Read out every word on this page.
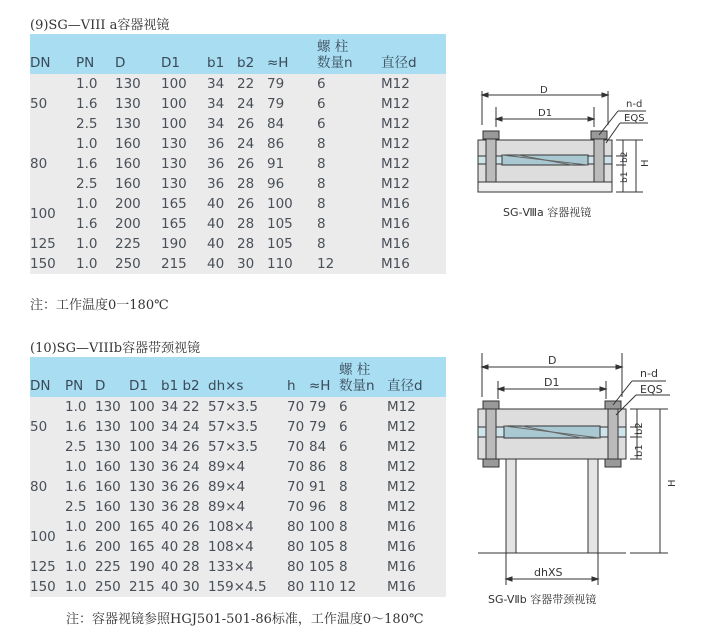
(9)SG—VIII a容器视镜
DN	PN	D	D1	b1	b2	≈H	螺 柱
数量n	直径d
50	1.0	130	100	34	22	79	6	M12
	1.6	130	100	34	24	79	6	M12
	2.5	130	100	34	26	84	6	M12
80	1.0	160	130	36	24	86	8	M12
	1.6	160	130	36	26	91	8	M12
	2.5	160	130	36	28	96	8	M12
100	1.0	200	165	40	26	100	8	M16
	1.6	200	165	40	28	105	8	M16
125	1.0	225	190	40	28	105	8	M16
150	1.0	250	215	40	30	110	12	M16
注：工作温度0一180℃
D
D1
n-d
EQS
b2
b1
H
SG-Ⅷa 容器视镜
(10)SG—VIIIb容器带颈视镜
DN	PN	D	D1	b1 b2	dh×s	h	≈H	螺 柱
数量n	直径d
50	1.0	130	100	34 22	57×3.5	70	79	6	M12
	1.6	130	100	34 24	57×3.5	70	79	6	M12
	2.5	130	100	34 26	57×3.5	70	84	6	M12
80	1.0	160	130	36 24	89×4	70	86	8	M12
	1.6	160	130	36 26	89×4	70	91	8	M12
	2.5	160	130	36 28	89×4	70	96	8	M12
100	1.0	200	165	40 26	108×4	80	100	8	M16
	1.6	200	165	40 28	108×4	80	105	8	M16
125	1.0	225	190	40 28	133×4	80	105	8	M16
150	1.0	250	215	40 30	159×4.5	80	110	12	M16
注：容器视镜参照HGJ501-501-86标准，工作温度0～180℃
D
D1
n-d
EQS
b2
b1
H
dhXS
SG-VⅡb 容器带颈视镜
